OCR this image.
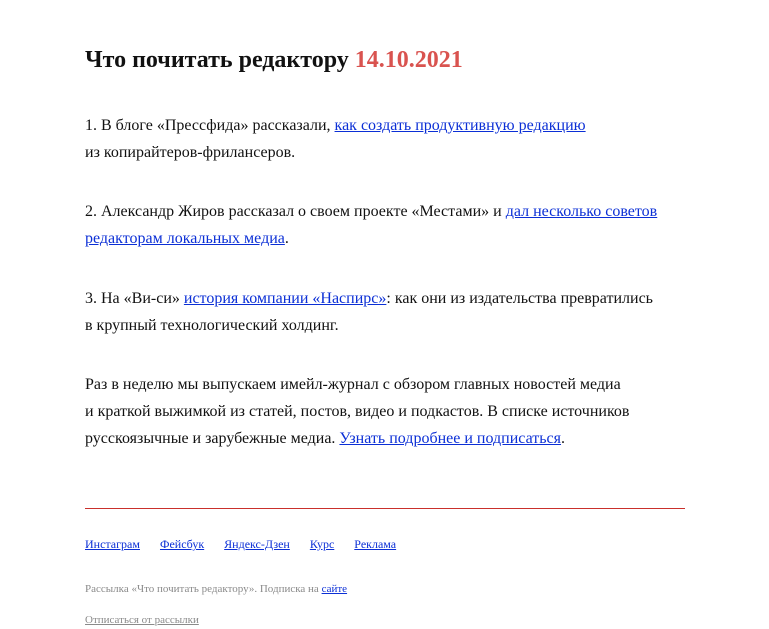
Что почитать редактору 14.10.2021

1. В блоге «Прессфида» рассказали, как создать продуктивную редакцию
из копирайтеров-фрилансеров.

2. Александр Жиров рассказал о своем проекте «Местами» и дал несколько советов
редакторам локальных медиа.

3. На «Ви-си» история компании «Наспирс»: как они из издательства превратились
в крупный технологический холдинг.

Раз в неделю мы выпускаем имейл-журнал с обзором главных новостей медиа
и краткой выжимкой из статей, постов, видео и подкастов. В списке источников
русскоязычные и зарубежные медиа. Узнать подробнее и подписаться.

Инстаграм Фейсбук Яндекс-Дзен Курс Реклама
Рассылка «Что почитать редактору». Подписка на сайте
Отписаться от рассылки
